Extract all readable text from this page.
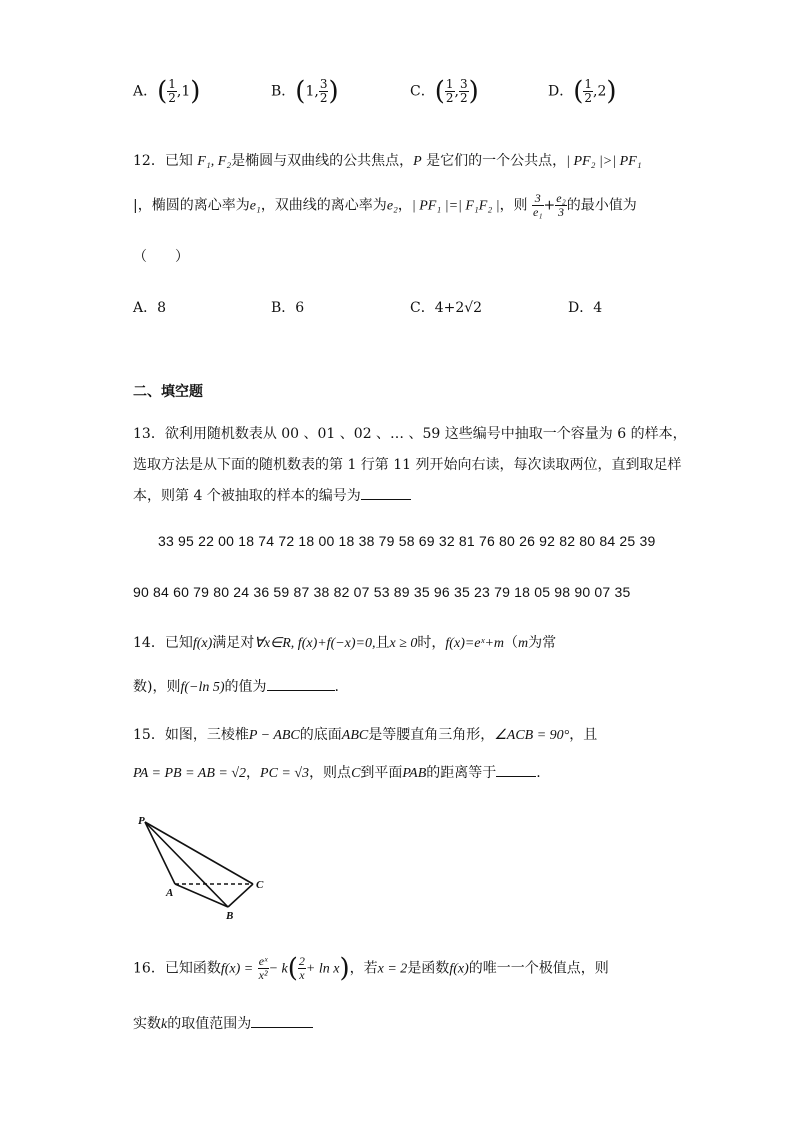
A．( $\frac{1}{2} ,1$)	B．(1, $\frac{3}{2}$ )	C．( $\frac{1}{2}$ , $\frac{3}{2}$ )	D．( $\frac{1}{2} ,2$)
12．已知 F₁, F₂是椭圆与双曲线的公共焦点，P 是它们的一个公共点，| PF₂ |>| PF₁
|，椭圆的离心率为e₁，双曲线的离心率为e₂，| PF₁ |=| F₁F₂ |，则 $\frac{3}{\text{e₁}} + \frac{\text{e₂}}{3}$ 的最小值为
（　　）
A．8	B．6	C．4+2√2	D．4
二、填空题
13．欲利用随机数表从 00 、01 、02 、… 、59 这些编号中抽取一个容量为 6 的样本，
选取方法是从下面的随机数表的第 1 行第 11 列开始向右读，每次读取两位，直到取足样
本，则第 4 个被抽取的样本的编号为
33 95 22 00 18 74 72 18 00 18 38 79 58 69 32 81 76 80 26 92 82 80 84 25 39
90 84 60 79 80 24 36 59 87 38 82 07 53 89 35 96 35 23 79 18 05 98 90 07 35
14．已知f(x)满足对∀x∈R, f(x)+f(−x)=0,且x ≥ 0时，f(x)=eˣ+m（m为常
数)，则f(−ln 5)的值为	.
15．如图，三棱椎P − ABC的底面ABC是等腰直角三角形，∠ACB = 90°，且
PA = PB = AB = √2，PC = √3，则点C到平面PAB的距离等于	.
P
A
B
C
16．已知函数$f(x) = \frac{\text{eˣ}}{\text{x²}} - k( \frac{2}{x} + \ln x)$，若x = 2是函数f(x)的唯一一个极值点，则
实数k的取值范围为
